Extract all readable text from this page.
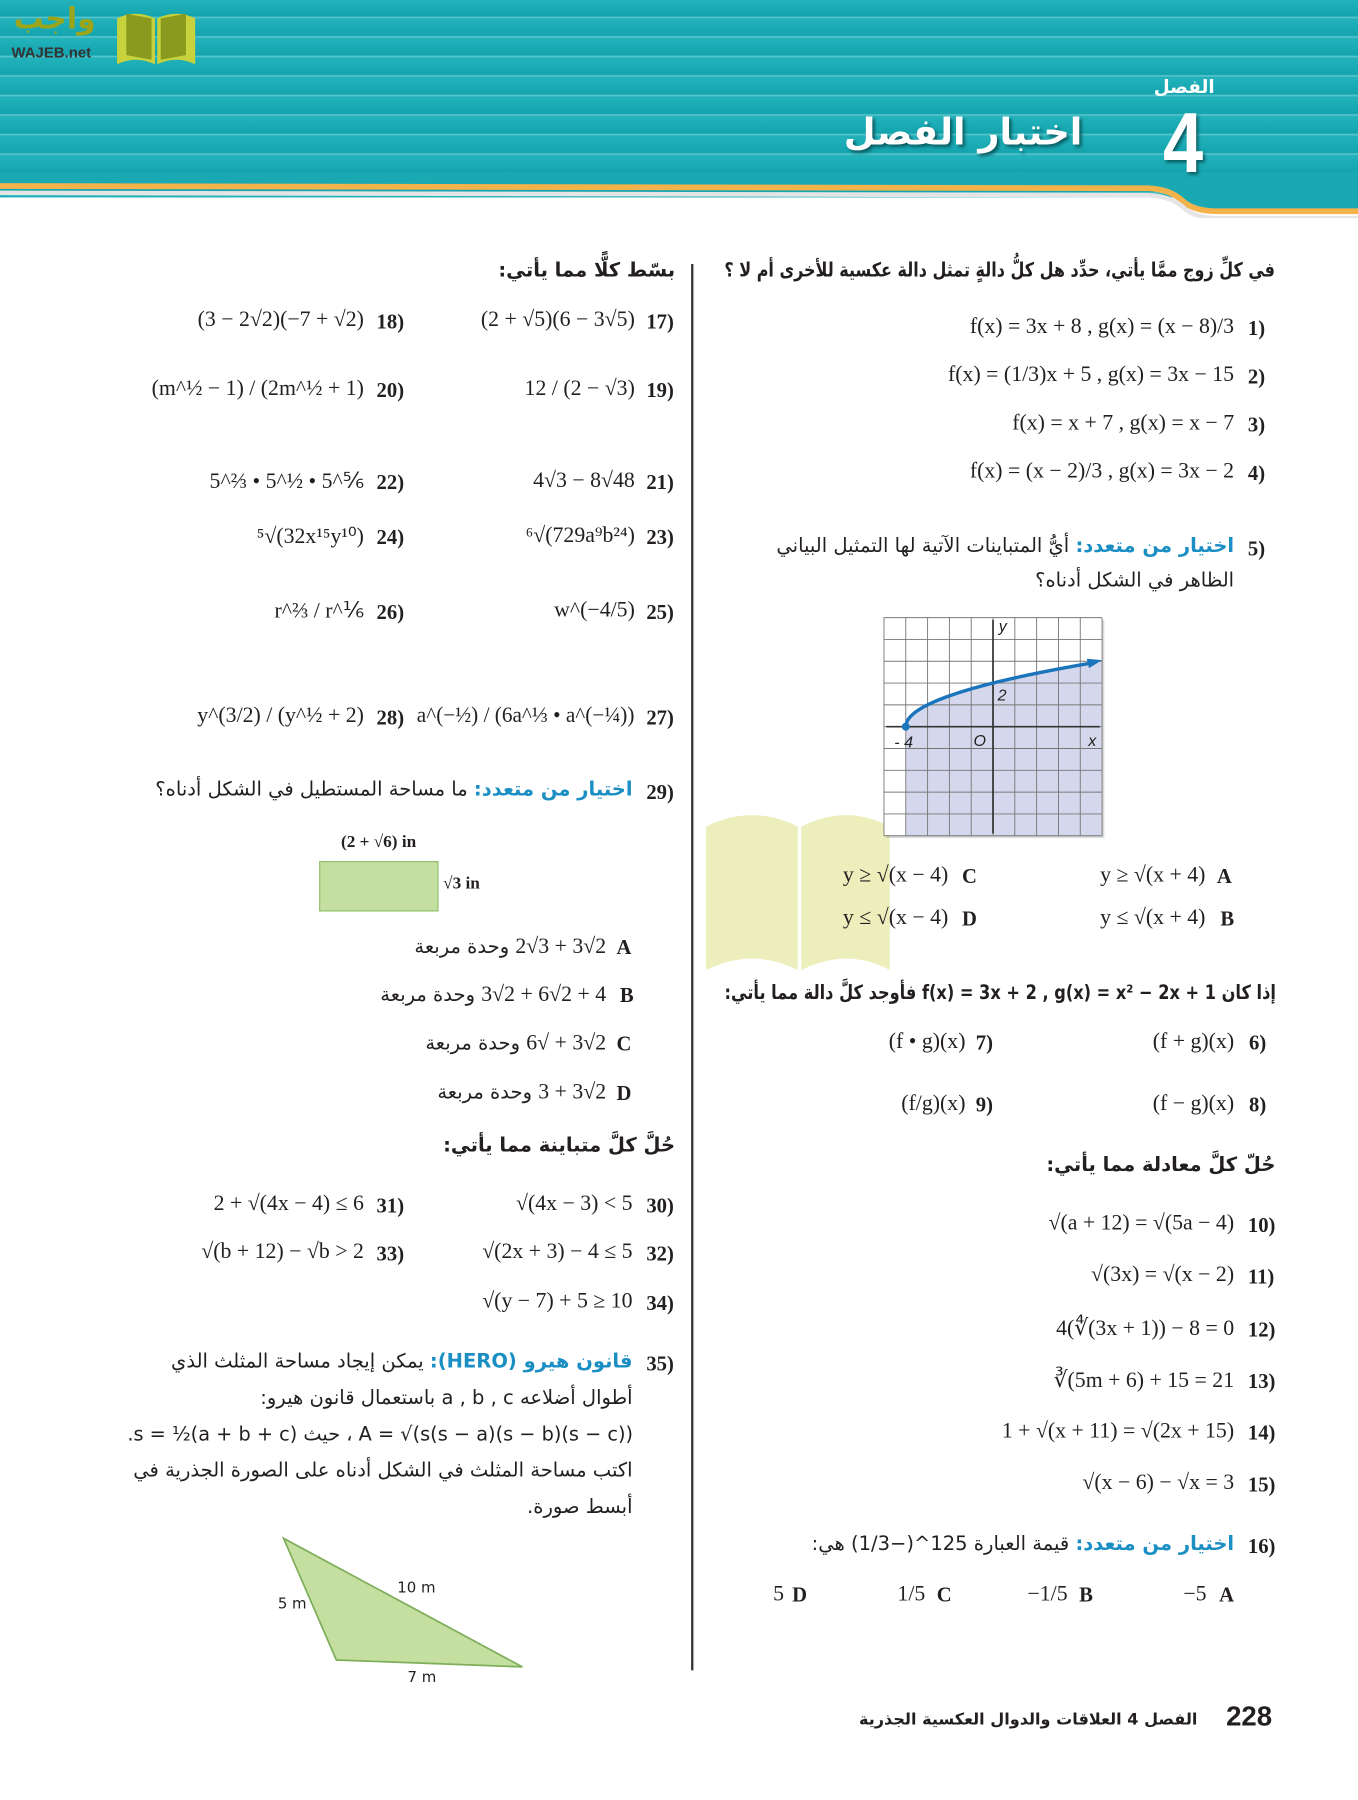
واجب
WAJEB.net
الفصل
4
اختبار الفصل
في كلِّ زوج ممَّا يأتي، حدِّد هل كلُّ دالةٍ تمثل دالة عكسية للأخرى أم لا ؟
1)
f(x) = 3x + 8 , g(x) = (x − 8)/3
2)
f(x) = (1/3)x + 5 , g(x) = 3x − 15
3)
f(x) = x + 7 , g(x) = x − 7
4)
f(x) = (x − 2)/3 , g(x) = 3x − 2
5)
اختيار من متعدد: أيُّ المتباينات الآتية لها التمثيل البياني
الظاهر في الشكل أدناه؟
y
x
O
- 4
2
A
y ≥ √(x + 4)
B
y ≤ √(x + 4)
C
y ≥ √(x − 4)
D
y ≤ √(x − 4)
إذا كان f(x) = 3x + 2 , g(x) = x² − 2x + 1 فأوجد كلَّ دالة مما يأتي:
6)
(f + g)(x)
7)
(f • g)(x)
8)
(f − g)(x)
9)
(f/g)(x)
حُلّ كلَّ معادلة مما يأتي:
10)
√(a + 12) = √(5a − 4)
11)
√(3x) = √(x − 2)
12)
4(∜(3x + 1)) − 8 = 0
13)
∛(5m + 6) + 15 = 21
14)
1 + √(x + 11) = √(2x + 15)
15)
√(x − 6) − √x = 3
16)
اختيار من متعدد: قيمة العبارة 125^(−1/3) هي:
A
−5
B
−1/5
C
1/5
D
5
بسّط كلًّا مما يأتي:
17)
(2 + √5)(6 − 3√5)
18)
(3 − 2√2)(−7 + √2)
19)
12 / (2 − √3)
20)
(m^½ − 1) / (2m^½ + 1)
21)
4√3 − 8√48
22)
5^⅔ • 5^½ • 5^⅚
23)
⁶√(729a⁹b²⁴)
24)
⁵√(32x¹⁵y¹⁰)
25)
w^(−4/5)
26)
r^⅔ / r^⅙
27)
a^(−½) / (6a^⅓ • a^(−¼))
28)
y^(3/2) / (y^½ + 2)
29)
اختيار من متعدد: ما مساحة المستطيل في الشكل أدناه؟
(2 + √6) in
√3 in
A
2√3 + 3√2 وحدة مربعة
B
4 + 2√6 + 2√3 وحدة مربعة
C
2√3 + √6 وحدة مربعة
D
2√3 + 3 وحدة مربعة
حُلَّ كلَّ متباينة مما يأتي:
30)
√(4x − 3) < 5
31)
2 + √(4x − 4) ≤ 6
32)
√(2x + 3) − 4 ≤ 5
33)
√(b + 12) − √b > 2
34)
√(y − 7) + 5 ≥ 10
35)
قانون هيرو (HERO): يمكن إيجاد مساحة المثلث الذي
أطوال أضلاعه a , b , c باستعمال قانون هيرو:
A = √(s(s − a)(s − b)(s − c)) ، حيث s = ½(a + b + c).
اكتب مساحة المثلث في الشكل أدناه على الصورة الجذرية في
أبسط صورة.
5 m
10 m
7 m
228
الفصل 4 العلاقات والدوال العكسية الجذرية
